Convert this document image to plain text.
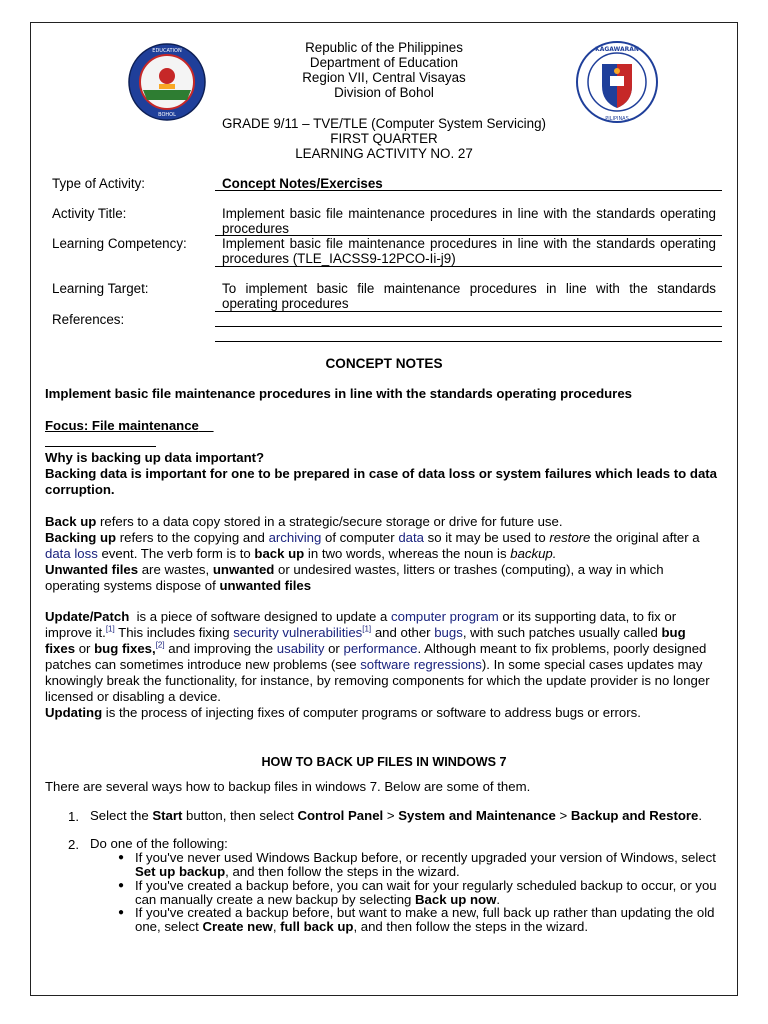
EDUCATION
BOHOL
KAGAWARAN
PILIPINAS
Republic of the Philippines
Department of Education
Region VII, Central Visayas
Division of Bohol
GRADE 9/11 – TVE/TLE (Computer System Servicing)
FIRST QUARTER
LEARNING ACTIVITY NO. 27
Type of Activity:	Concept Notes/Exercises
Activity Title:	Implement basic file maintenance procedures in line with the standards operating procedures
Learning Competency:	Implement basic file maintenance procedures in line with the standards operating procedures (TLE_IACSS9-12PCO-Ii-j9)
Learning Target:	To implement basic file maintenance procedures in line with the standards operating procedures
References:
CONCEPT NOTES
Implement basic file maintenance procedures in line with the standards operating procedures
Focus: File maintenance
Why is backing up data important?
Backing data is important for one to be prepared in case of data loss or system failures which leads to data corruption.
Back up refers to a data copy stored in a strategic/secure storage or drive for future use.
Backing up refers to the copying and archiving of computer data so it may be used to restore the original after a data loss event. The verb form is to back up in two words, whereas the noun is backup.
Unwanted files are wastes, unwanted or undesired wastes, litters or trashes (computing), a way in which operating systems dispose of unwanted files
Update/Patch  is a piece of software designed to update a computer program or its supporting data, to fix or improve it.[1] This includes fixing security vulnerabilities[1] and other bugs, with such patches usually called bug fixes or bug fixes,[2] and improving the usability or performance. Although meant to fix problems, poorly designed patches can sometimes introduce new problems (see software regressions). In some special cases updates may knowingly break the functionality, for instance, by removing components for which the update provider is no longer licensed or disabling a device.
Updating is the process of injecting fixes of computer programs or software to address bugs or errors.
HOW TO BACK UP FILES IN WINDOWS 7
There are several ways how to backup files in windows 7. Below are some of them.
1. Select the Start button, then select Control Panel > System and Maintenance > Backup and Restore.
2. Do one of the following:
● If you've never used Windows Backup before, or recently upgraded your version of Windows, select Set up backup, and then follow the steps in the wizard.
● If you've created a backup before, you can wait for your regularly scheduled backup to occur, or you can manually create a new backup by selecting Back up now.
● If you've created a backup before, but want to make a new, full back up rather than updating the old one, select Create new, full back up, and then follow the steps in the wizard.
